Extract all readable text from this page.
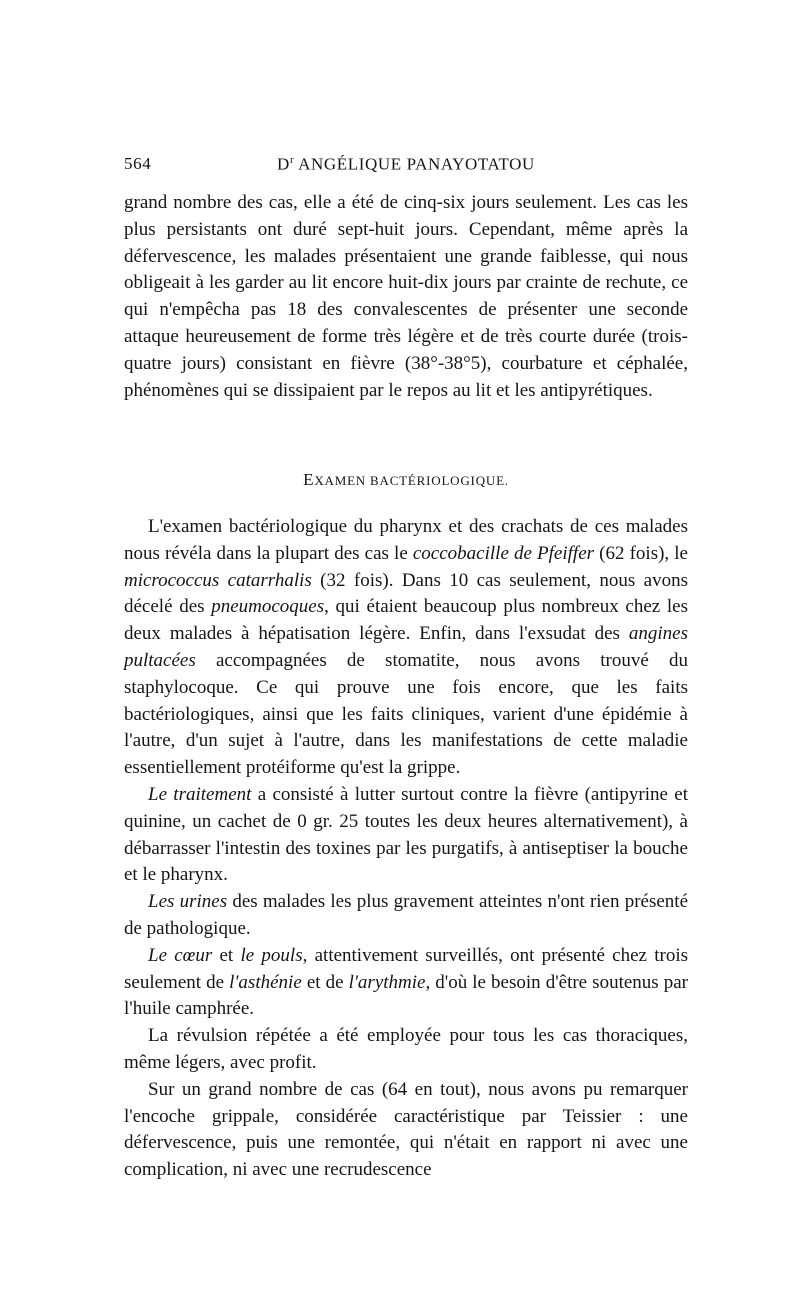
564	$D^r$ ANGÉLIQUE PANAYOTATOU

grand nombre des cas, elle a été de cinq-six jours seulement. Les cas les plus persistants ont duré sept-huit jours. Cependant, même après la défervescence, les malades présentaient une grande faiblesse, qui nous obligeait à les garder au lit encore huit-dix jours par crainte de rechute, ce qui n'empêcha pas 18 des convalescentes de présenter une seconde attaque heureusement de forme très légère et de très courte durée (trois-quatre jours) consistant en fièvre (38°-38°5), courbature et céphalée, phénomènes qui se dissipaient par le repos au lit et les antipyrétiques.

EXAMEN BACTÉRIOLOGIQUE.

L'examen bactériologique du pharynx et des crachats de ces malades nous révéla dans la plupart des cas le coccobacille de Pfeiffer (62 fois), le micrococcus catarrhalis (32 fois). Dans 10 cas seulement, nous avons décelé des pneumocoques, qui étaient beaucoup plus nombreux chez les deux malades à hépatisation légère. Enfin, dans l'exsudat des angines pultacées accompagnées de stomatite, nous avons trouvé du staphylocoque. Ce qui prouve une fois encore, que les faits bactériologiques, ainsi que les faits cliniques, varient d'une épidémie à l'autre, d'un sujet à l'autre, dans les manifestations de cette maladie essentiellement protéiforme qu'est la grippe.

Le traitement a consisté à lutter surtout contre la fièvre (antipyrine et quinine, un cachet de 0 gr. 25 toutes les deux heures alternativement), à débarrasser l'intestin des toxines par les purgatifs, à antiseptiser la bouche et le pharynx.

Les urines des malades les plus gravement atteintes n'ont rien présenté de pathologique.

Le cœur et le pouls, attentivement surveillés, ont présenté chez trois seulement de l'asthénie et de l'arythmie, d'où le besoin d'être soutenus par l'huile camphrée.

La révulsion répétée a été employée pour tous les cas thoraciques, même légers, avec profit.

Sur un grand nombre de cas (64 en tout), nous avons pu remarquer l'encoche grippale, considérée caractéristique par Teissier : une défervescence, puis une remontée, qui n'était en rapport ni avec une complication, ni avec une recrudescence
